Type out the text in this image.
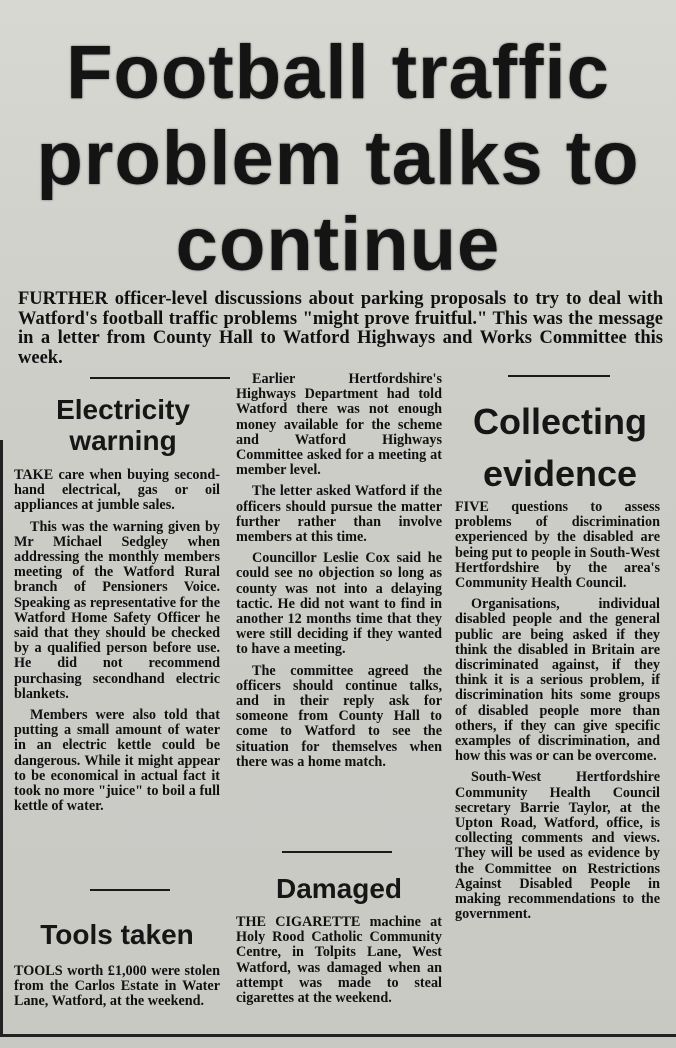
Football traffic problem talks to continue
FURTHER officer-level discussions about parking proposals to try to deal with Watford's football traffic problems "might prove fruitful." This was the message in a letter from County Hall to Watford Highways and Works Committee this week.
Electricity warning

TAKE care when buying second-hand electrical, gas or oil appliances at jumble sales.

This was the warning given by Mr Michael Sedgley when addressing the monthly members meeting of the Watford Rural branch of Pensioners Voice. Speaking as representative for the Watford Home Safety Officer he said that they should be checked by a qualified person before use. He did not recommend purchasing secondhand electric blankets.

Members were also told that putting a small amount of water in an electric kettle could be dangerous. While it might appear to be economical in actual fact it took no more "juice" to boil a full kettle of water.

Tools taken

TOOLS worth £1,000 were stolen from the Carlos Estate in Water Lane, Watford, at the weekend.

Earlier Hertfordshire's Highways Department had told Watford there was not enough money available for the scheme and Watford Highways Committee asked for a meeting at member level.

The letter asked Watford if the officers should pursue the matter further rather than involve members at this time.

Councillor Leslie Cox said he could see no objection so long as county was not into a delaying tactic. He did not want to find in another 12 months time that they were still deciding if they wanted to have a meeting.

The committee agreed the officers should continue talks, and in their reply ask for someone from County Hall to come to Watford to see the situation for themselves when there was a home match.

Damaged

THE CIGARETTE machine at Holy Rood Catholic Community Centre, in Tolpits Lane, West Watford, was damaged when an attempt was made to steal cigarettes at the weekend.

Collecting evidence

FIVE questions to assess problems of discrimination experienced by the disabled are being put to people in South-West Hertfordshire by the area's Community Health Council.

Organisations, individual disabled people and the general public are being asked if they think the disabled in Britain are discriminated against, if they think it is a serious problem, if discrimination hits some groups of disabled people more than others, if they can give specific examples of discrimination, and how this was or can be overcome.

South-West Hertfordshire Community Health Council secretary Barrie Taylor, at the Upton Road, Watford, office, is collecting comments and views. They will be used as evidence by the Committee on Restrictions Against Disabled People in making recommendations to the government.
